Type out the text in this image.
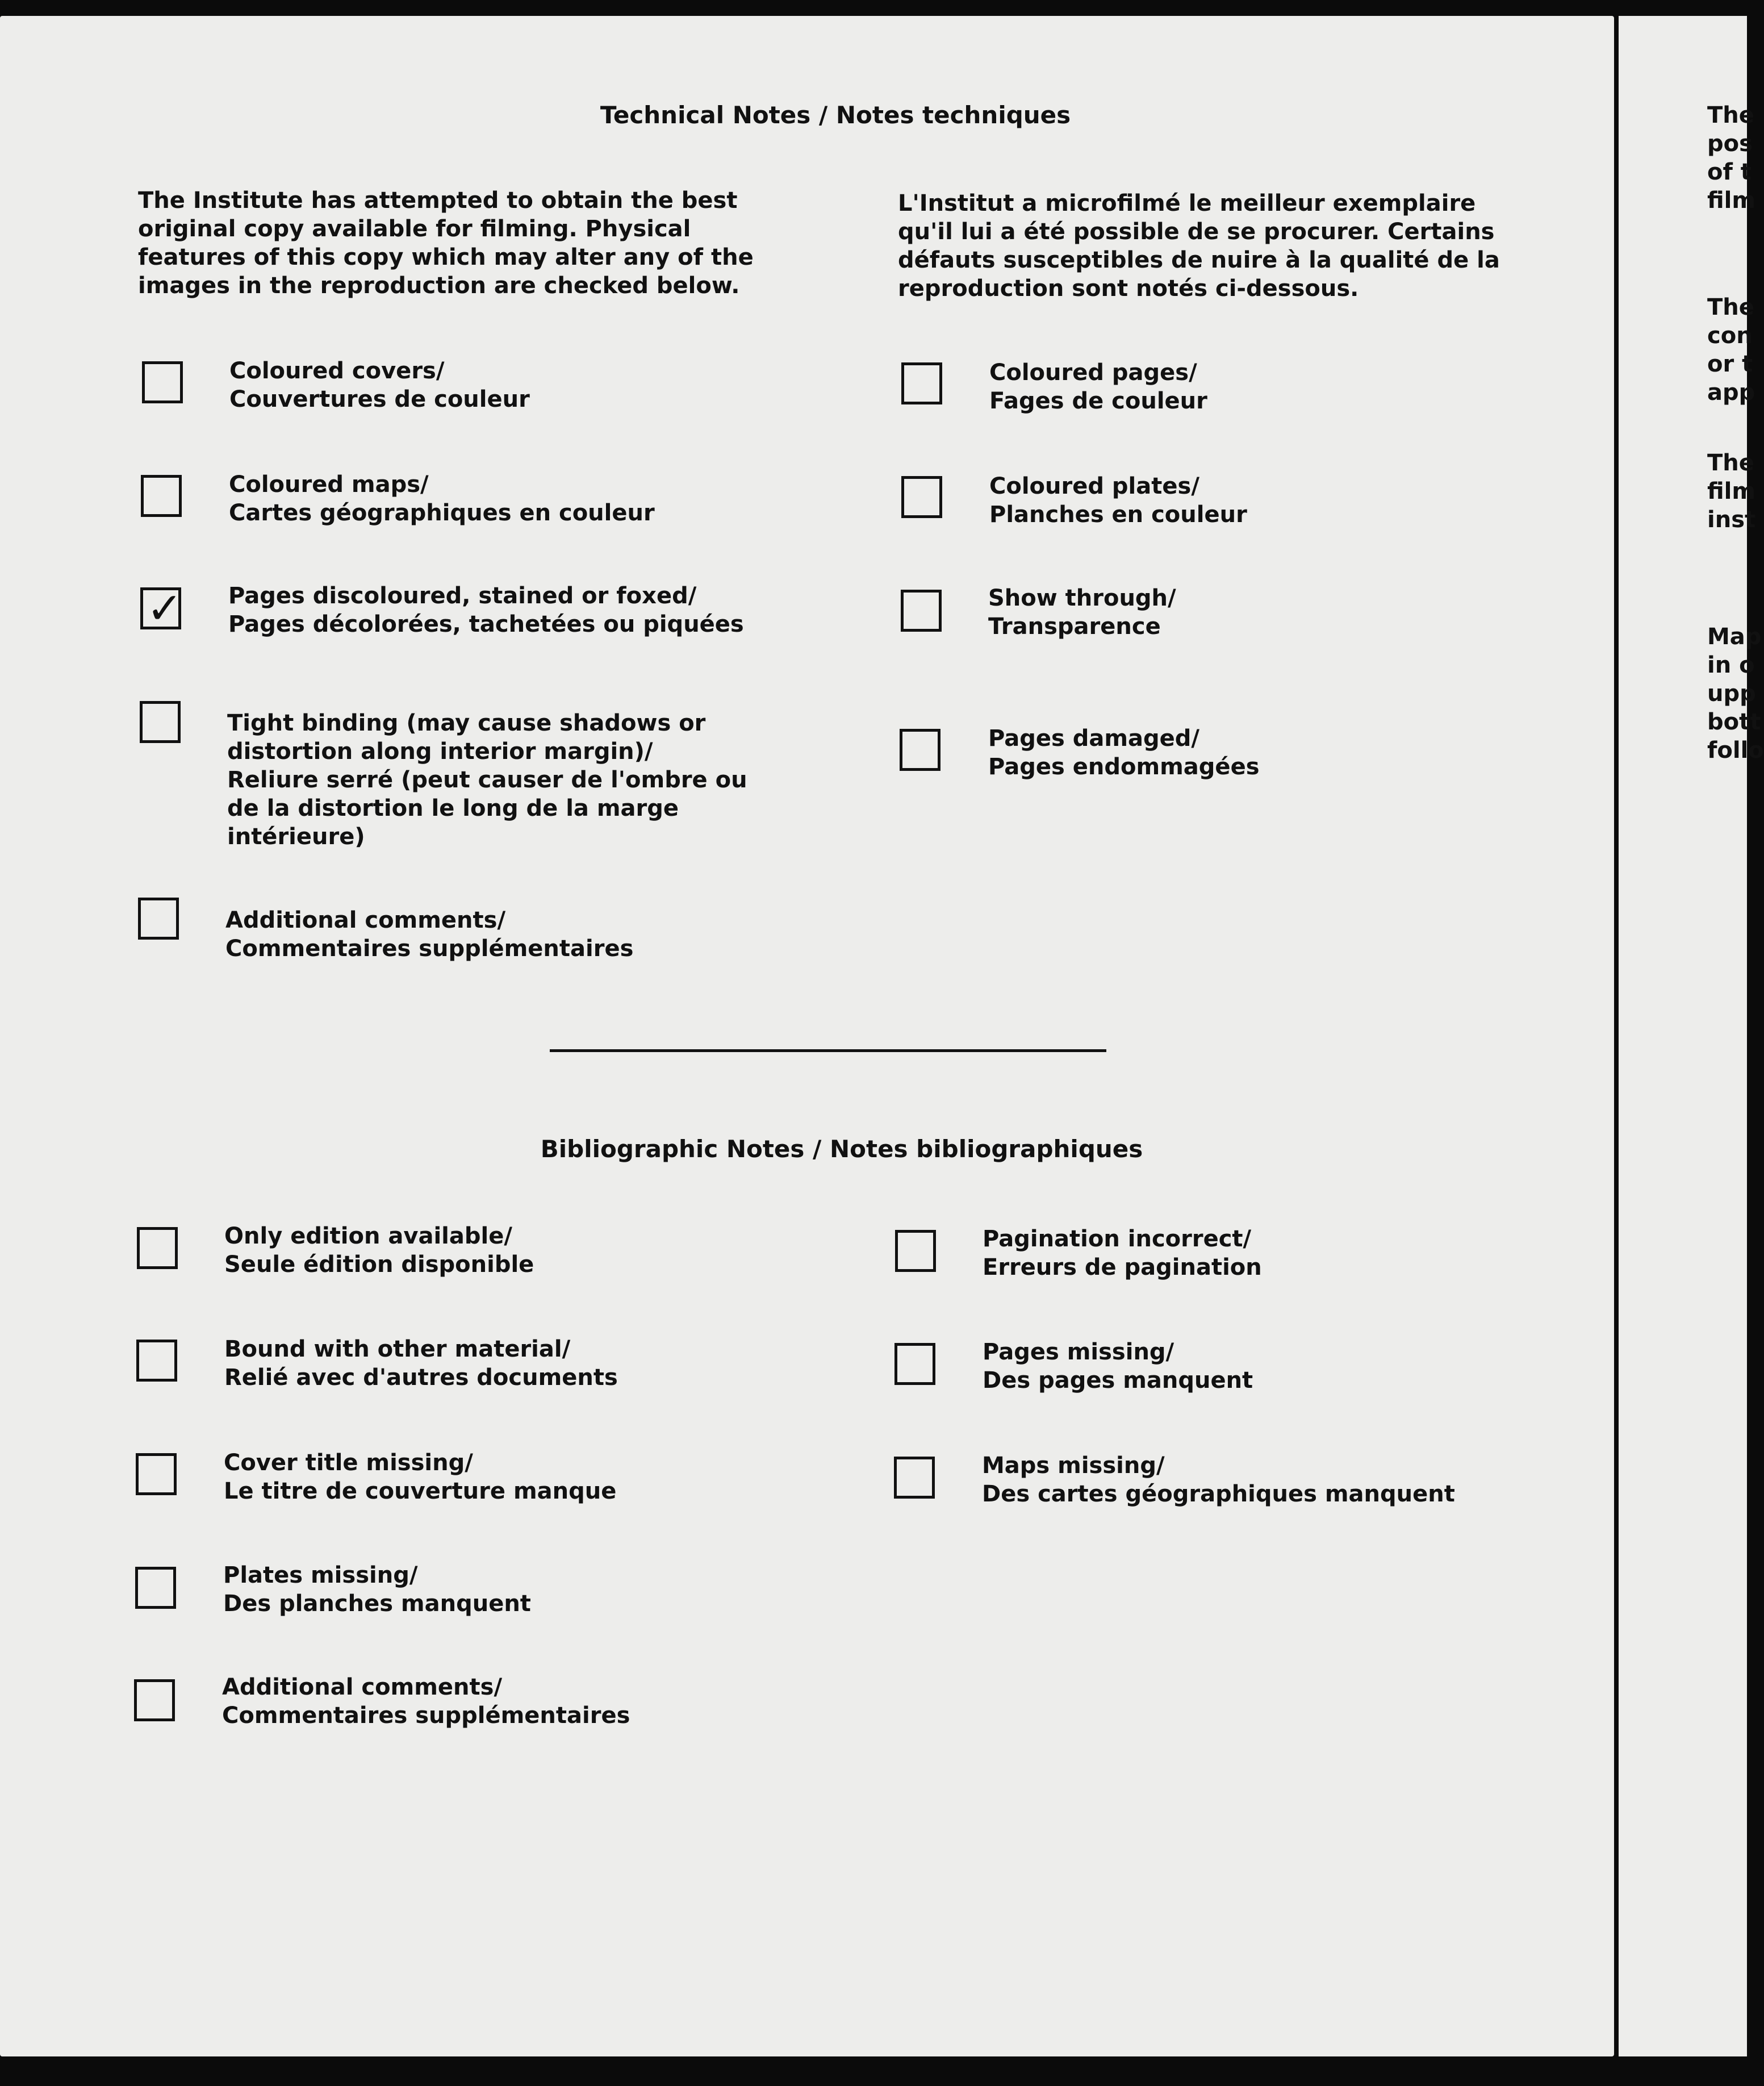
Technical Notes / Notes techniques
The Institute has attempted to obtain the best
original copy available for filming. Physical
features of this copy which may alter any of the
images in the reproduction are checked below.
L'Institut a microfilmé le meilleur exemplaire
qu'il lui a été possible de se procurer. Certains
défauts susceptibles de nuire à la qualité de la
reproduction sont notés ci-dessous.
Coloured covers/
Couvertures de couleur
Coloured maps/
Cartes géographiques en couleur
✓ Pages discoloured, stained or foxed/
Pages décolorées, tachetées ou piquées
Tight binding (may cause shadows or
distortion along interior margin)/
Reliure serré (peut causer de l'ombre ou
de la distortion le long de la marge
intérieure)
Additional comments/
Commentaires supplémentaires
Coloured pages/
Fages de couleur
Coloured plates/
Planches en couleur
Show through/
Transparence
Pages damaged/
Pages endommagées
Bibliographic Notes / Notes bibliographiques
Only edition available/
Seule édition disponible
Bound with other material/
Relié avec d'autres documents
Cover title missing/
Le titre de couverture manque
Plates missing/
Des planches manquent
Additional comments/
Commentaires supplémentaires
Pagination incorrect/
Erreurs de pagination
Pages missing/
Des pages manquent
Maps missing/
Des cartes géographiques manquent
The
pos
of t
film
The
con
or t
app
The
film
inst
Map
in o
upp
bott
follo
